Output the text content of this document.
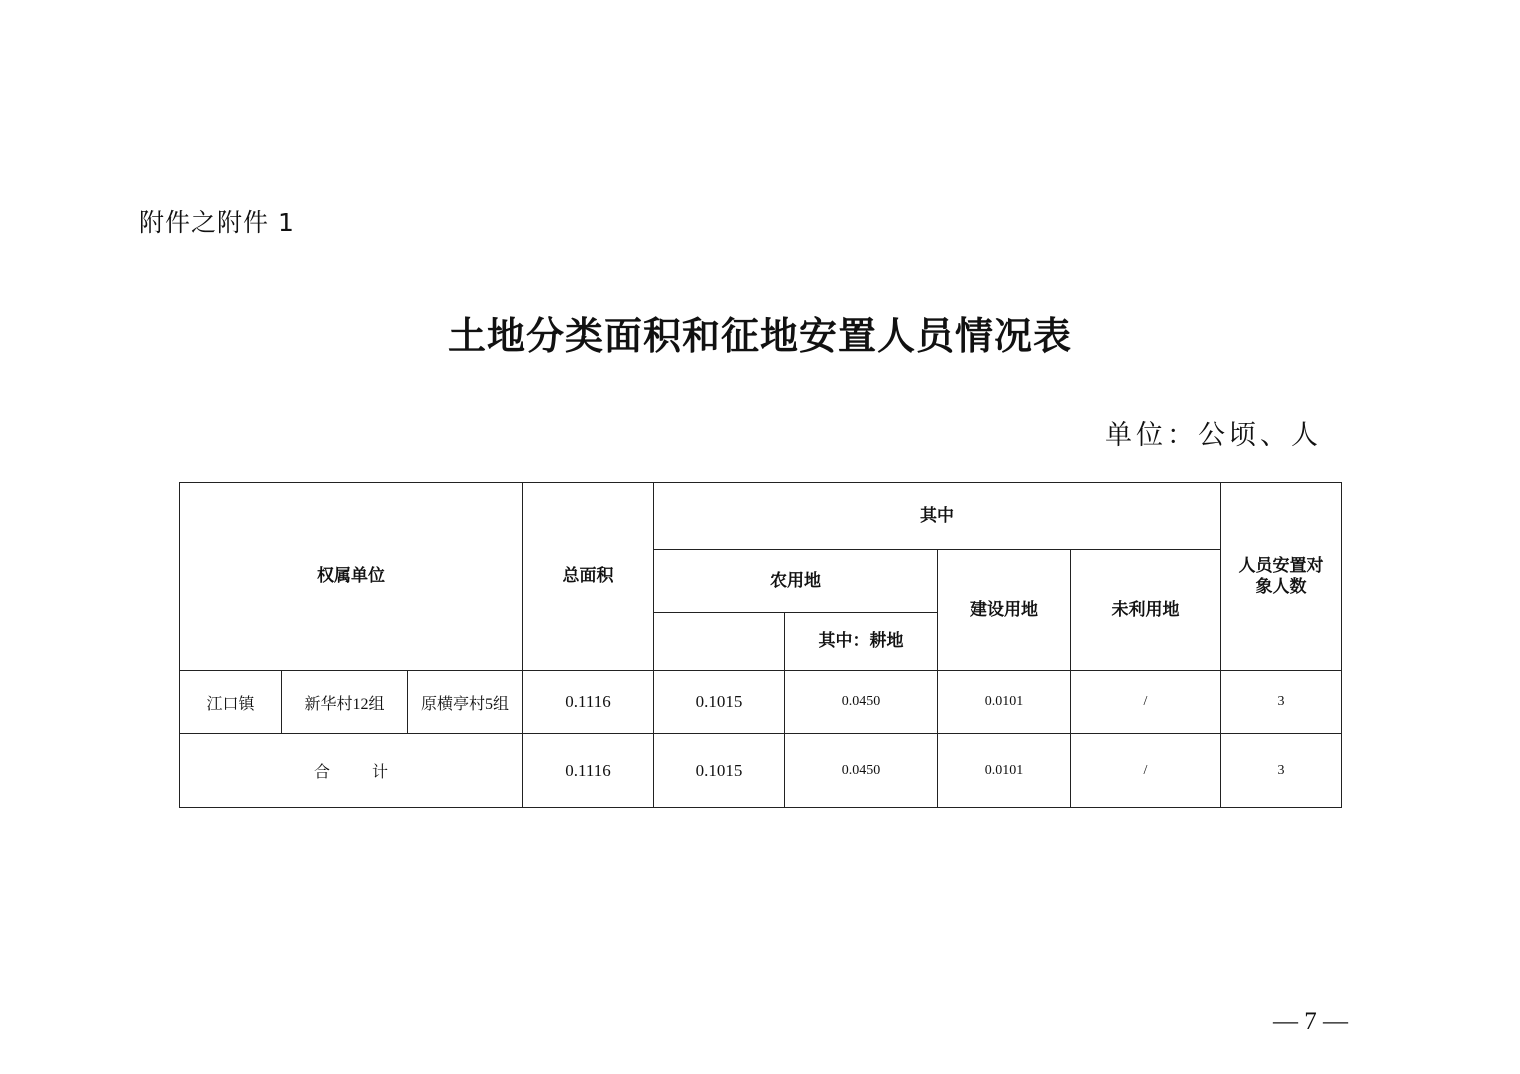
附件之附件 1
土地分类面积和征地安置人员情况表
单位：公顷、人
权属单位			总面积	其中				人员安置对象人数
				农用地		建设用地	未利用地	
					其中：耕地			
江口镇	新华村12组	原横亭村5组	0.1116	0.1015	0.0450	0.0101	/	3
合 计			0.1116	0.1015	0.0450	0.0101	/	3
— 7 —
